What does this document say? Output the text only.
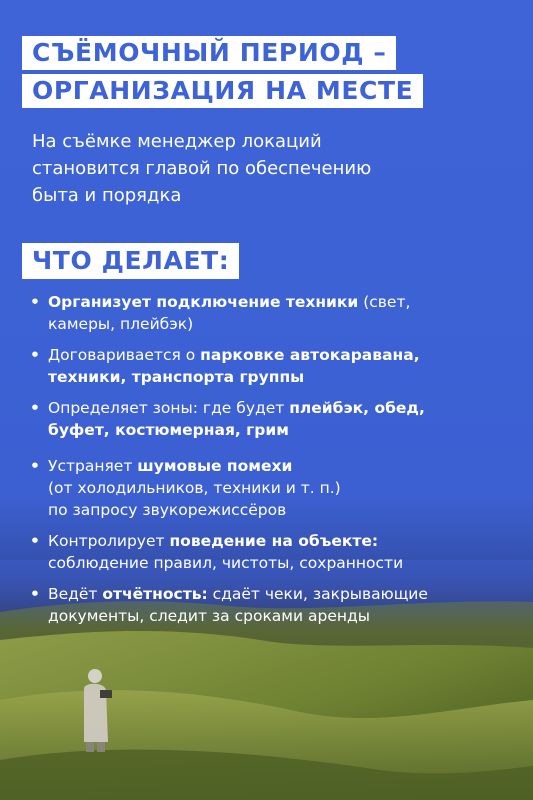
СЪЁМОЧНЫЙ ПЕРИОД –
ОРГАНИЗАЦИЯ НА МЕСТЕ
На съёмке менеджер локаций
становится главой по обеспечению
быта и порядка
ЧТО ДЕЛАЕТ:
• Организует подключение техники (свет,
камеры, плейбэк)
• Договаривается о парковке автокаравана,
техники, транспорта группы
• Определяет зоны: где будет плейбэк, обед,
буфет, костюмерная, грим
• Устраняет шумовые помехи
(от холодильников, техники и т. п.)
по запросу звукорежиссёров
• Контролирует поведение на объекте:
соблюдение правил, чистоты, сохранности
• Ведёт отчётность: сдаёт чеки, закрывающие
документы, следит за сроками аренды
